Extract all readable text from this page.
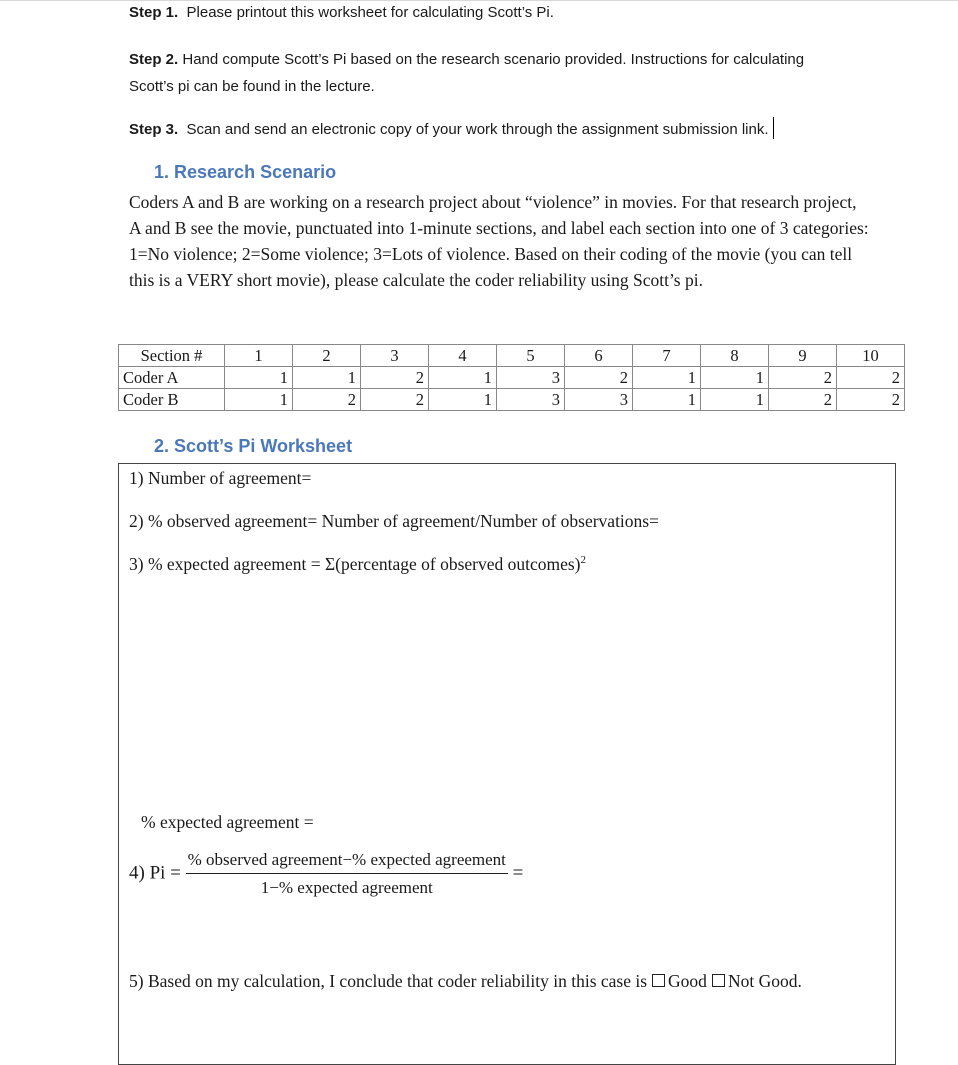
Step 1. Please printout this worksheet for calculating Scott’s Pi.
Step 2. Hand compute Scott’s Pi based on the research scenario provided. Instructions for calculating Scott’s pi can be found in the lecture.
Step 3. Scan and send an electronic copy of your work through the assignment submission link.
1. Research Scenario
Coders A and B are working on a research project about “violence” in movies. For that research project, A and B see the movie, punctuated into 1-minute sections, and label each section into one of 3 categories: 1=No violence; 2=Some violence; 3=Lots of violence. Based on their coding of the movie (you can tell this is a VERY short movie), please calculate the coder reliability using Scott’s pi.
Section #	1	2	3	4	5	6	7	8	9	10
Coder A	1	1	2	1	3	2	1	1	2	2
Coder B	1	2	2	1	3	3	1	1	2	2
2. Scott’s Pi Worksheet
1) Number of agreement=
2) % observed agreement= Number of agreement/Number of observations=
3) % expected agreement = Σ(percentage of observed outcomes)$^2$
% expected agreement =
4) $Pi = \frac{\text{\% observed agreement−\% expected agreement}}{\text{1−\% expected agreement}}$ =
5) Based on my calculation, I conclude that coder reliability in this case is Good Not Good.
